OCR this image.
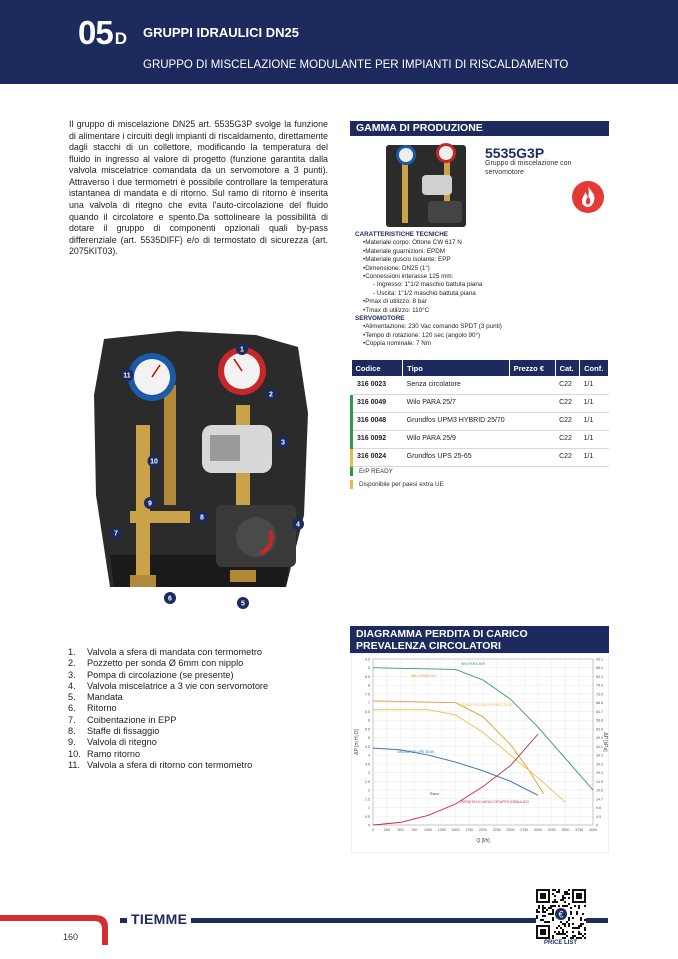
05 D GRUPPI IDRAULICI DN25
GRUPPO DI MISCELAZIONE MODULANTE PER IMPIANTI DI RISCALDAMENTO

Il gruppo di miscelazione DN25 art. 5535G3P svolge la funzione di alimentare i circuiti degli impianti di riscaldamento, direttamente dagli stacchi di un collettore, modificando la temperatura del fluido in ingresso al valore di progetto (funzione garantita dalla valvola miscelatrice comandata da un servomotore a 3 punti). Attraverso i due termometri è possibile controllare la temperatura istantanea di mandata e di ritorno. Sul ramo di ritorno è inserita una valvola di ritegno che evita l'auto-circolazione del fluido quando il circolatore e spento.Da sottolineare la possibilità di dotare il gruppo di componenti opzionali quali by-pass differenziale (art. 5535DIFF) e/o di termostato di sicurezza (art. 2075KIT03).

1
2
3
4
5
6
7
8
9
10
11
1.	Valvola a sfera di mandata con termometro
2.	Pozzetto per sonda Ø 6mm con nipplo
3.	Pompa di circolazione (se presente)
4.	Valvola miscelatrice a 3 vie con servomotore
5.	Mandata
6.	Ritorno
7.	Coibentazione in EPP
8.	Staffe di fissaggio
9.	Valvola di ritegno
10. Ramo ritorno
11. Valvola a sfera di ritorno con termometro
GAMMA DI PRODUZIONE
5535G3P
Gruppo di miscelazione con servomotore
CARATTERISTICHE TECNICHE
• Materiale corpo: Ottone CW 617 N
• Materiale guarnizioni: EPDM
• Materiale guscio isolante: EPP
• Dimensione: DN25 (1")
• Connessioni interasse 125 mm:
- Ingresso: 1"1/2 maschio battuta piana
- Uscita: 1"1/2 maschio battuta piana
• Pmax di utilizzo: 8 bar
• Tmax di utilizzo: 110°C
SERVOMOTORE
• Alimentazione: 230 Vac comando SPDT (3 punti)
• Tempo di rotazione: 120 sec (angolo 90°)
• Coppia nominale: 7 Nm
Codice	Tipo	Prezzo €	Cat.	Conf.
316 0023	Senza circolatore		C22	1/1
316 0049	Wilo PARA 25/7		C22	1/1
316 0048	Grundfos UPM3 HYBRID 25/70		C22	1/1
316 0092	Wilo PARA 25/9		C22	1/1
316 0024	Grundfos UPS 25-65		C22	1/1
ErP READY
Disponibile per paesi extra UE
DIAGRAMMA PERDITA DI CARICO
PREVALENZA CIRCOLATORI
0	0
0.5	4.9
1	9.8
1.5	14.7
2	19.6
2.5	24.5
3	29.4
3.5	34.3
4	39.2
4.5	44.1
5	49.0
5.5	53.9
6	58.8
6.5	63.7
7	68.6
7.5	73.5
8	78.4
8.5	83.3
9	88.2
9.5	93.1
0	250 500 750 1000 1250 1500 1750 2000 2250 2500 2750 3000 3250 3500 3750 4000
Q [l/h]
ΔP [m H₂O]	ΔP [kPa]
Wilo PARA 25/9
WILO PARA 25/7
GRUNDFOS UPM3 HYBRID 25/70
GRUNDFOS UPS 25-65
PERDITA DI CARICO GRUPPO IDRAULICO
Ramo
TIEMME
160
€
PRICE LIST
